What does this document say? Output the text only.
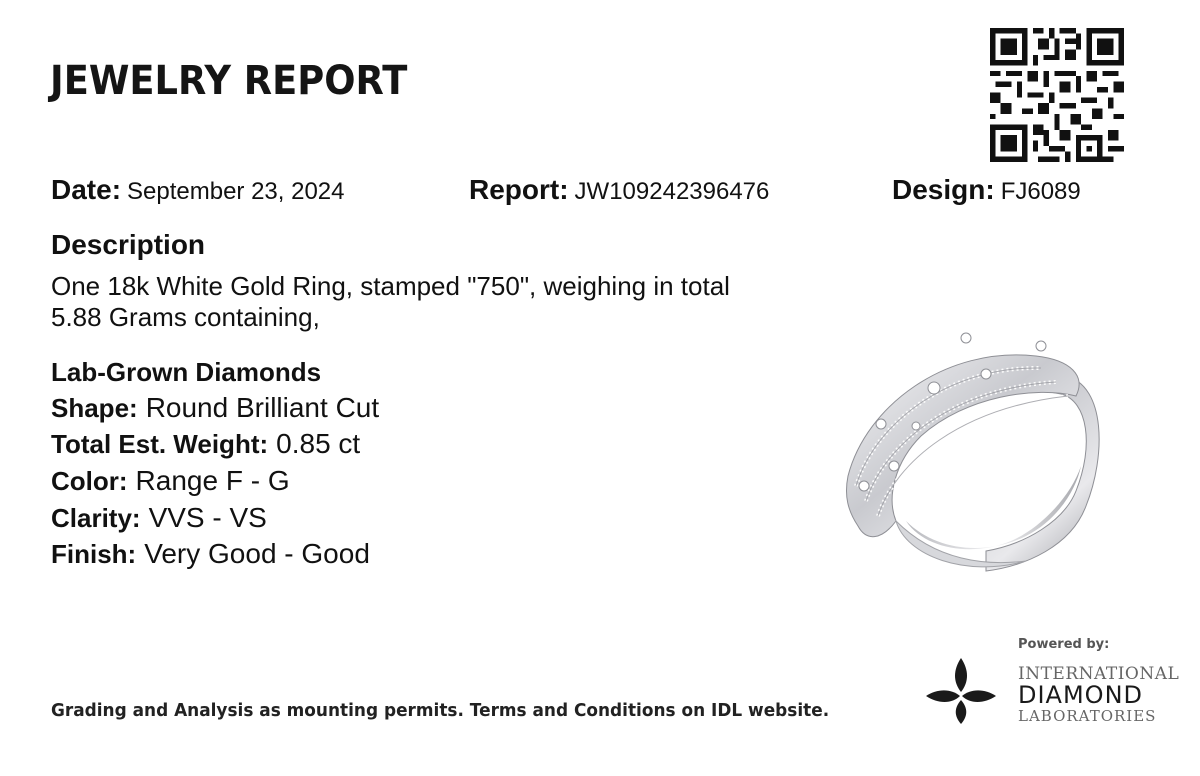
JEWELRY REPORT
Date: September 23, 2024	Report: JW109242396476	Design: FJ6089
Description
One 18k White Gold Ring, stamped "750", weighing in total
5.88 Grams containing,
Lab-Grown Diamonds
Shape: Round Brilliant Cut
Total Est. Weight: 0.85 ct
Color: Range F - G
Clarity: VVS - VS
Finish: Very Good - Good
Grading and Analysis as mounting permits. Terms and Conditions on IDL website.
Powered by:
INTERNATIONAL
DIAMOND
LABORATORIES
